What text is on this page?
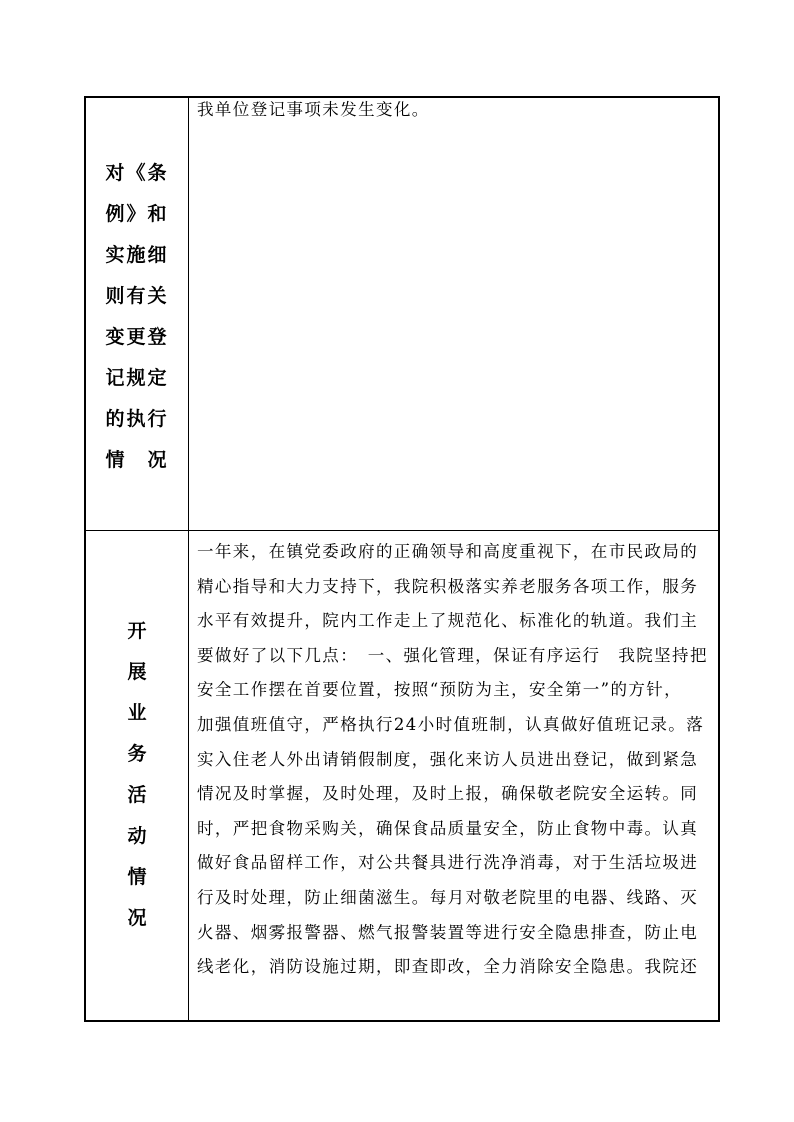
对《条
例》和
实施细
则有关
变更登
记规定
的执行
情　况
我单位登记事项未发生变化。
开
展
业
务
活
动
情
况
一年来，在镇党委政府的正确领导和高度重视下，在市民政局的
精心指导和大力支持下，我院积极落实养老服务各项工作，服务
水平有效提升，院内工作走上了规范化、标准化的轨道。我们主
要做好了以下几点：　一、强化管理，保证有序运行　我院坚持把
安全工作摆在首要位置，按照“预防为主，安全第一”的方针，
加强值班值守，严格执行24小时值班制，认真做好值班记录。落
实入住老人外出请销假制度，强化来访人员进出登记，做到紧急
情况及时掌握，及时处理，及时上报，确保敬老院安全运转。同
时，严把食物采购关，确保食品质量安全，防止食物中毒。认真
做好食品留样工作，对公共餐具进行洗净消毒，对于生活垃圾进
行及时处理，防止细菌滋生。每月对敬老院里的电器、线路、灭
火器、烟雾报警器、燃气报警装置等进行安全隐患排查，防止电
线老化，消防设施过期，即查即改，全力消除安全隐患。我院还
